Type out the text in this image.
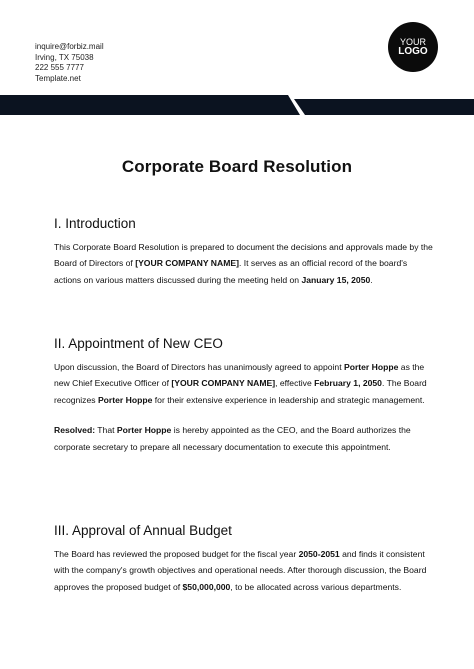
inquire@forbiz.mail
Irving, TX 75038
222 555 7777
Template.net
YOUR
LOGO
Corporate Board Resolution
I. Introduction

This Corporate Board Resolution is prepared to document the decisions and approvals made by the Board of Directors of [YOUR COMPANY NAME]. It serves as an official record of the board's actions on various matters discussed during the meeting held on January 15, 2050.

II. Appointment of New CEO

Upon discussion, the Board of Directors has unanimously agreed to appoint Porter Hoppe as the new Chief Executive Officer of [YOUR COMPANY NAME], effective February 1, 2050. The Board recognizes Porter Hoppe for their extensive experience in leadership and strategic management.

Resolved: That Porter Hoppe is hereby appointed as the CEO, and the Board authorizes the corporate secretary to prepare all necessary documentation to execute this appointment.

III. Approval of Annual Budget

The Board has reviewed the proposed budget for the fiscal year 2050-2051 and finds it consistent with the company's growth objectives and operational needs. After thorough discussion, the Board approves the proposed budget of $50,000,000, to be allocated across various departments.
